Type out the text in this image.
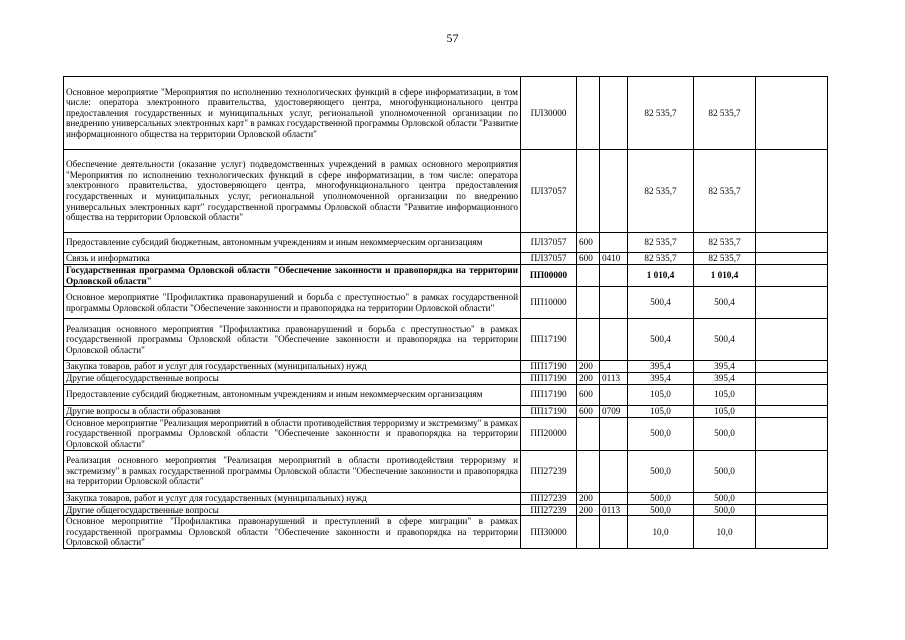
57
Основное мероприятие "Мероприятия по исполнению технологических функций в сфере информатизации, в том числе: оператора электронного правительства, удостоверяющего центра, многофункционального центра предоставления государственных и муниципальных услуг, региональной уполномоченной организации по внедрению универсальных электронных карт" в рамках государственной программы Орловской области "Развитие информационного общества на территории Орловской области"	ПЛ30000			82 535,7	82 535,7	
Обеспечение деятельности (оказание услуг) подведомственных учреждений в рамках основного мероприятия "Мероприятия по исполнению технологических функций в сфере информатизации, в том числе: оператора электронного правительства, удостоверяющего центра, многофункционального центра предоставления государственных и муниципальных услуг, региональной уполномоченной организации по внедрению универсальных электронных карт" государственной программы Орловской области "Развитие информационного общества на территории Орловской области"	ПЛ37057			82 535,7	82 535,7	
Предоставление субсидий бюджетным, автономным учреждениям и иным некоммерческим организациям	ПЛ37057	600		82 535,7	82 535,7	
Связь и информатика	ПЛ37057	600	0410	82 535,7	82 535,7	
Государственная программа Орловской области "Обеспечение законности и правопорядка на территории Орловской области"	ПП00000			1 010,4	1 010,4	
Основное мероприятие "Профилактика правонарушений и борьба с преступностью" в рамках государственной программы Орловской области "Обеспечение законности и правопорядка на территории Орловской области"	ПП10000			500,4	500,4	
Реализация основного мероприятия "Профилактика правонарушений и борьба с преступностью" в рамках государственной программы Орловской области "Обеспечение законности и правопорядка на территории Орловской области"	ПП17190			500,4	500,4	
Закупка товаров, работ и услуг для государственных (муниципальных) нужд	ПП17190	200		395,4	395,4	
Другие общегосударственные вопросы	ПП17190	200	0113	395,4	395,4	
Предоставление субсидий бюджетным, автономным учреждениям и иным некоммерческим организациям	ПП17190	600		105,0	105,0	
Другие вопросы в области образования	ПП17190	600	0709	105,0	105,0	
Основное мероприятие "Реализация мероприятий в области противодействия терроризму и экстремизму" в рамках государственной программы Орловской области "Обеспечение законности и правопорядка на территории Орловской области"	ПП20000			500,0	500,0	
Реализация основного мероприятия "Реализация мероприятий в области противодействия терроризму и экстремизму" в рамках государственной программы Орловской области "Обеспечение законности и правопорядка на территории Орловской области"	ПП27239			500,0	500,0	
Закупка товаров, работ и услуг для государственных (муниципальных) нужд	ПП27239	200		500,0	500,0	
Другие общегосударственные вопросы	ПП27239	200	0113	500,0	500,0	
Основное мероприятие "Профилактика правонарушений и преступлений в сфере миграции" в рамках государственной программы Орловской области "Обеспечение законности и правопорядка на территории Орловской области"	ПП30000			10,0	10,0	
